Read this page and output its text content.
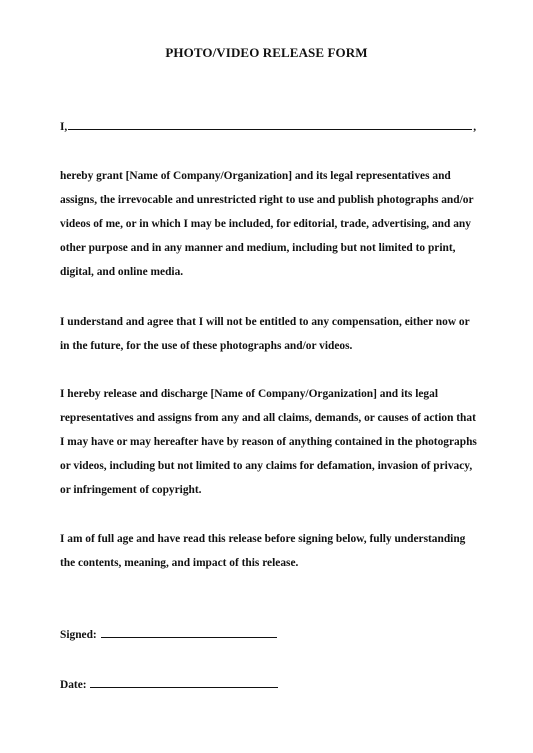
PHOTO/VIDEO RELEASE FORM
I,	,
hereby grant [Name of Company/Organization] and its legal representatives and assigns, the irrevocable and unrestricted right to use and publish photographs and/or videos of me, or in which I may be included, for editorial, trade, advertising, and any other purpose and in any manner and medium, including but not limited to print, digital, and online media.
I understand and agree that I will not be entitled to any compensation, either now or in the future, for the use of these photographs and/or videos.
I hereby release and discharge [Name of Company/Organization] and its legal representatives and assigns from any and all claims, demands, or causes of action that I may have or may hereafter have by reason of anything contained in the photographs or videos, including but not limited to any claims for defamation, invasion of privacy, or infringement of copyright.
I am of full age and have read this release before signing below, fully understanding the contents, meaning, and impact of this release.
Signed:
Date:
